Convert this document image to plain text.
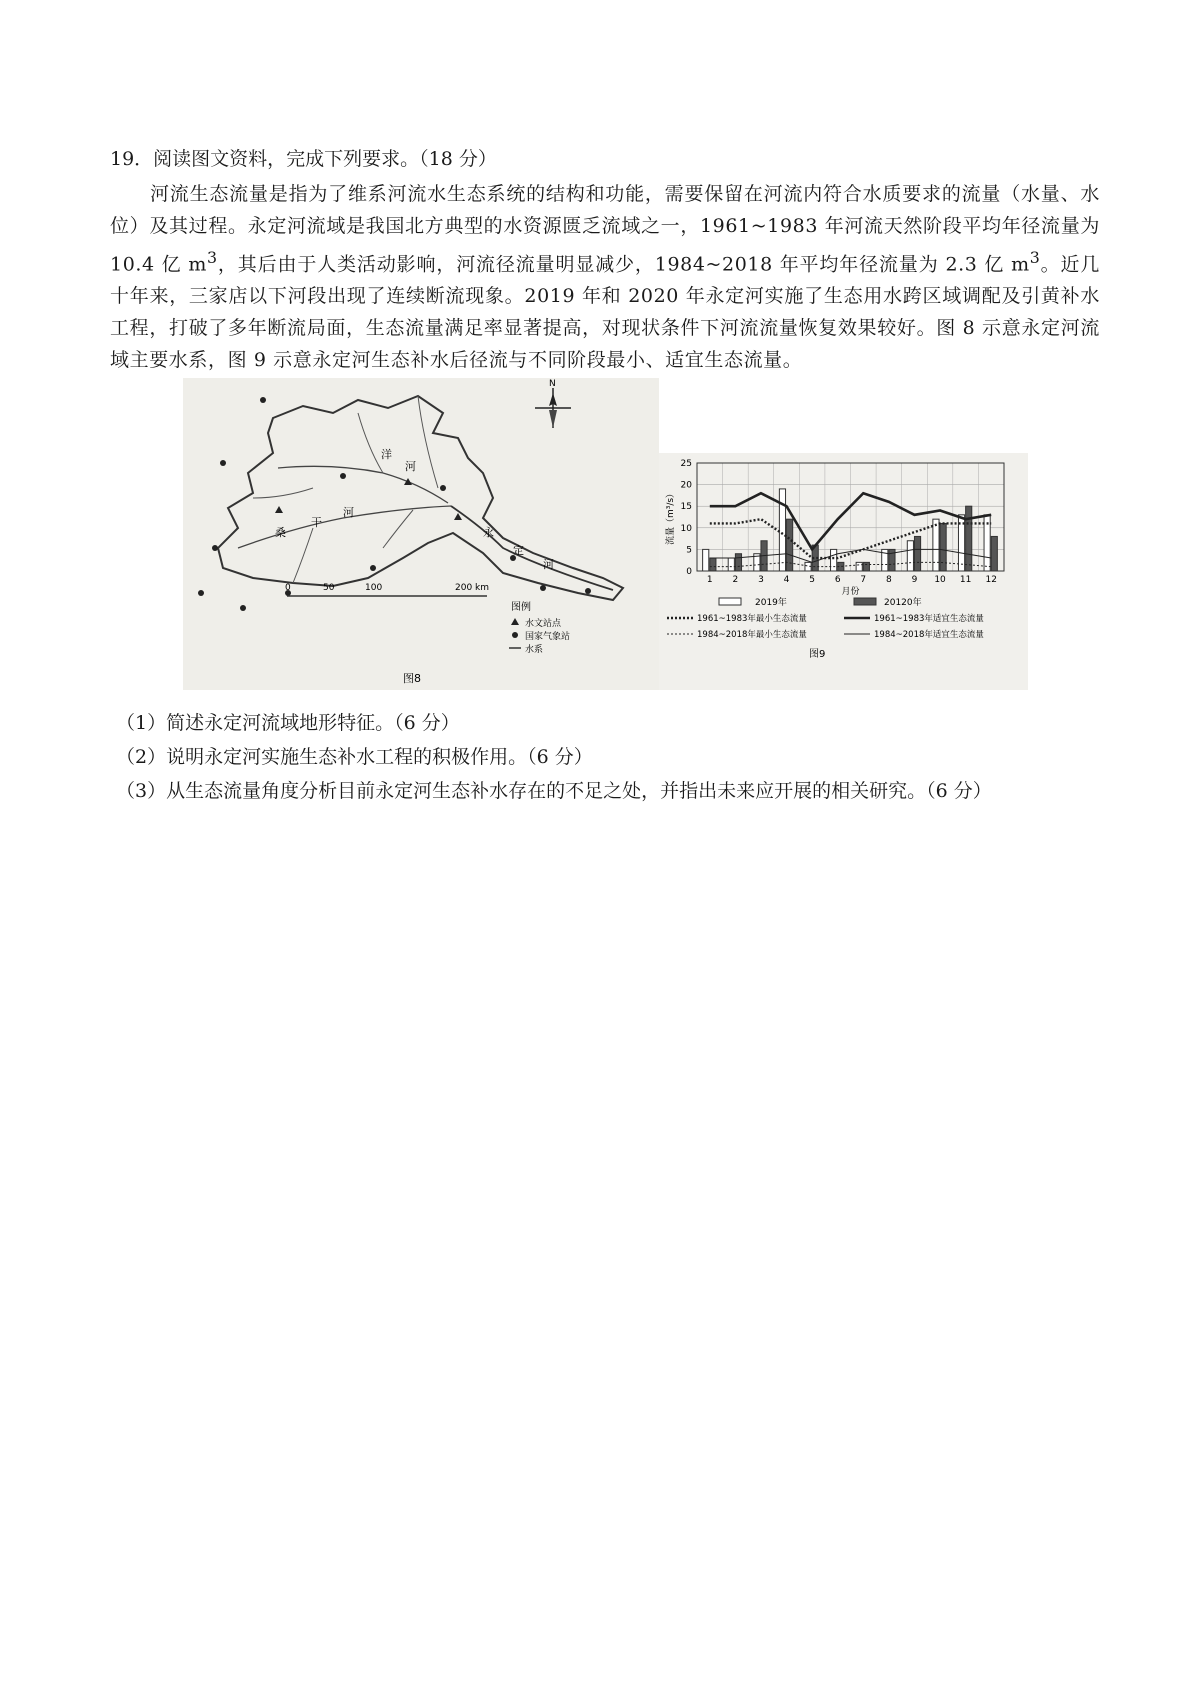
19．阅读图文资料，完成下列要求。（18 分）
河流生态流量是指为了维系河流水生态系统的结构和功能，需要保留在河流内符合水质要求的流量（水量、水位）及其过程。永定河流域是我国北方典型的水资源匮乏流域之一，1961~1983 年河流天然阶段平均年径流量为 10.4 亿 $m^3$，其后由于人类活动影响，河流径流量明显减少，1984~2018 年平均年径流量为 2.3 亿 $m^3$。近几十年来，三家店以下河段出现了连续断流现象。2019 年和 2020 年永定河实施了生态用水跨区域调配及引黄补水工程，打破了多年断流局面，生态流量满足率显著提高，对现状条件下河流流量恢复效果较好。图 8 示意永定河流域主要水系，图 9 示意永定河生态补水后径流与不同阶段最小、适宜生态流量。
洋
河
桑
干
河
永
定
河
N
图例
水文站点
国家气象站
水系
0	50	100	200 km
图8
0
5
10
15
20
25
1 2 3 4 5 6 7 8 9 10 11 12
月份
流量（m³/s）
2019年	20120年
1961~1983年最小生态流量	1961~1983年适宜生态流量
1984~2018年最小生态流量	1984~2018年适宜生态流量
图9
（1）简述永定河流域地形特征。（6 分）
（2）说明永定河实施生态补水工程的积极作用。（6 分）
（3）从生态流量角度分析目前永定河生态补水存在的不足之处，并指出未来应开展的相关研究。（6 分）
